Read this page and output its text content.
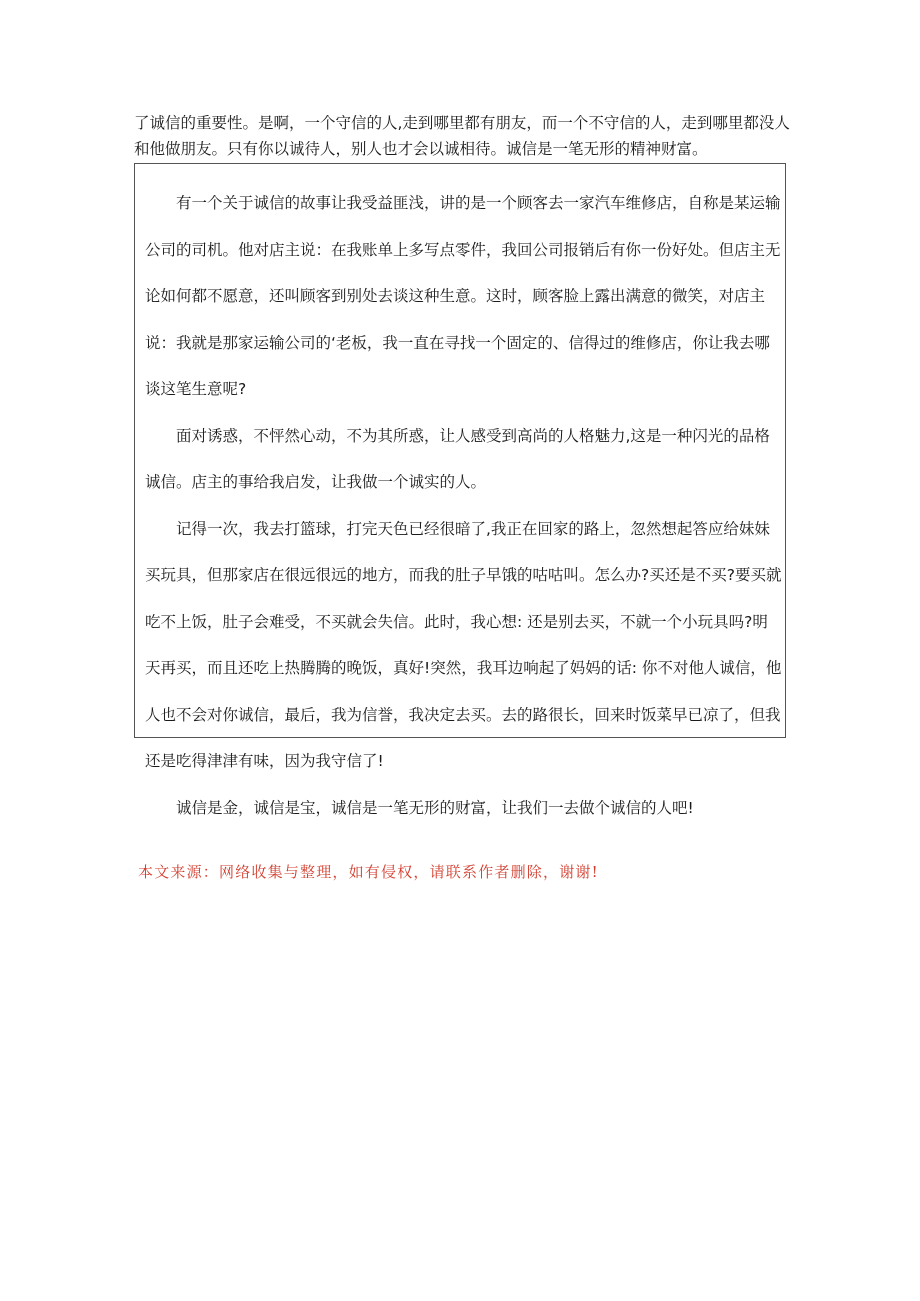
了诚信的重要性。是啊，一个守信的人,走到哪里都有朋友，而一个不守信的人，走到哪里都没人和他做朋友。只有你以诚待人，别人也才会以诚相待。诚信是一笔无形的精神财富。

有一个关于诚信的故事让我受益匪浅，讲的是一个顾客去一家汽车维修店，自称是某运输公司的司机。他对店主说：在我账单上多写点零件，我回公司报销后有你一份好处。但店主无论如何都不愿意，还叫顾客到别处去谈这种生意。这时，顾客脸上露出满意的微笑，对店主说：我就是那家运输公司的‘老板，我一直在寻找一个固定的、信得过的维修店，你让我去哪谈这笔生意呢?

面对诱惑，不怦然心动，不为其所惑，让人感受到高尚的人格魅力,这是一种闪光的品格诚信。店主的事给我启发，让我做一个诚实的人。

记得一次，我去打篮球，打完天色已经很暗了,我正在回家的路上，忽然想起答应给妹妹买玩具，但那家店在很远很远的地方，而我的肚子早饿的咕咕叫。怎么办?买还是不买?要买就吃不上饭，肚子会难受，不买就会失信。此时，我心想: 还是别去买，不就一个小玩具吗?明天再买，而且还吃上热腾腾的晚饭，真好!突然，我耳边响起了妈妈的话: 你不对他人诚信，他人也不会对你诚信，最后，我为信誉，我决定去买。去的路很长，回来时饭菜早已凉了，但我还是吃得津津有味，因为我守信了!

诚信是金，诚信是宝，诚信是一笔无形的财富，让我们一去做个诚信的人吧!

本文来源：网络收集与整理，如有侵权，请联系作者删除，谢谢!
